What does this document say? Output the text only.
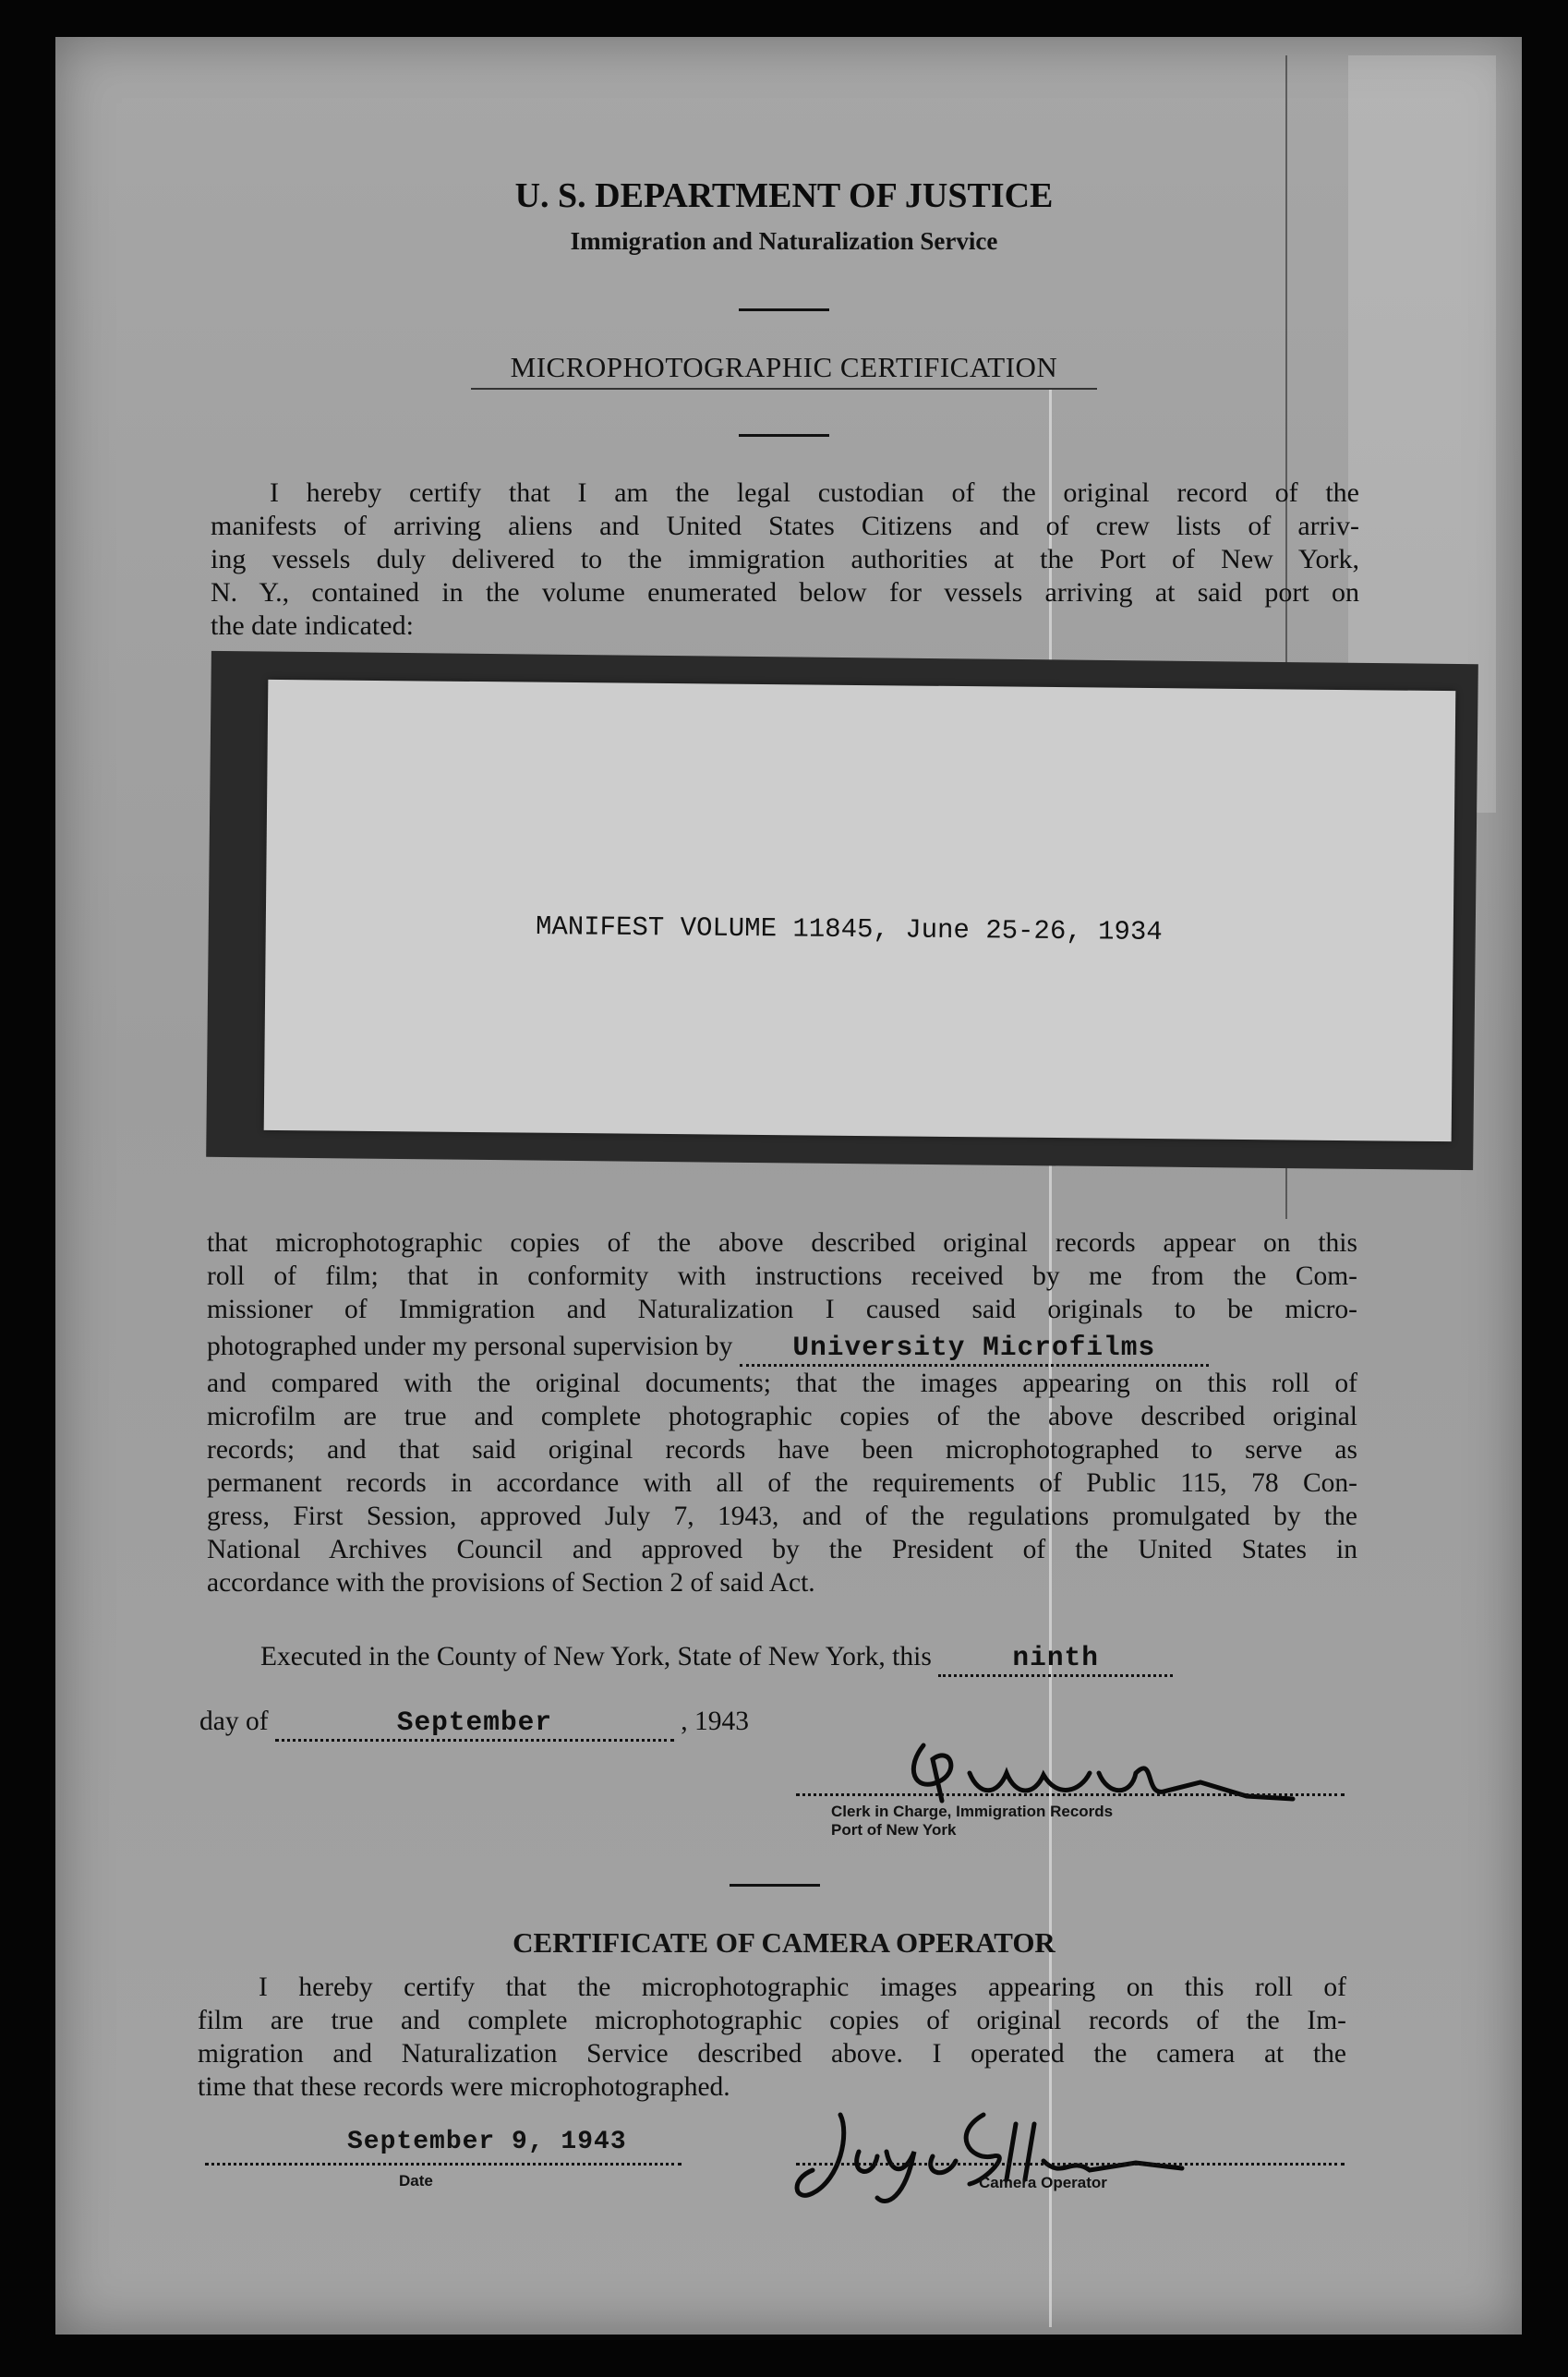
U. S. DEPARTMENT OF JUSTICE
Immigration and Naturalization Service
MICROPHOTOGRAPHIC CERTIFICATION
I hereby certify that I am the legal custodian of the original record of the
manifests of arriving aliens and United States Citizens and of crew lists of arriv-
ing vessels duly delivered to the immigration authorities at the Port of New York,
N. Y., contained in the volume enumerated below for vessels arriving at said port on
the date indicated:
MANIFEST VOLUME 11845, June 25-26, 1934
that microphotographic copies of the above described original records appear on this
roll of film; that in conformity with instructions received by me from the Com-
missioner of Immigration and Naturalization I caused said originals to be micro-
photographed under my personal supervision by University Microfilms
and compared with the original documents; that the images appearing on this roll of
microfilm are true and complete photographic copies of the above described original
records; and that said original records have been microphotographed to serve as
permanent records in accordance with all of the requirements of Public 115, 78 Con-
gress, First Session, approved July 7, 1943, and of the regulations promulgated by the
National Archives Council and approved by the President of the United States in
accordance with the provisions of Section 2 of said Act.
Executed in the County of New York, State of New York, this	ninth
day of	September	, 1943
Clerk in Charge, Immigration Records
Port of New York
CERTIFICATE OF CAMERA OPERATOR
I hereby certify that the microphotographic images appearing on this roll of
film are true and complete microphotographic copies of original records of the Im-
migration and Naturalization Service described above. I operated the camera at the
time that these records were microphotographed.
September 9, 1943
Date	Camera Operator
